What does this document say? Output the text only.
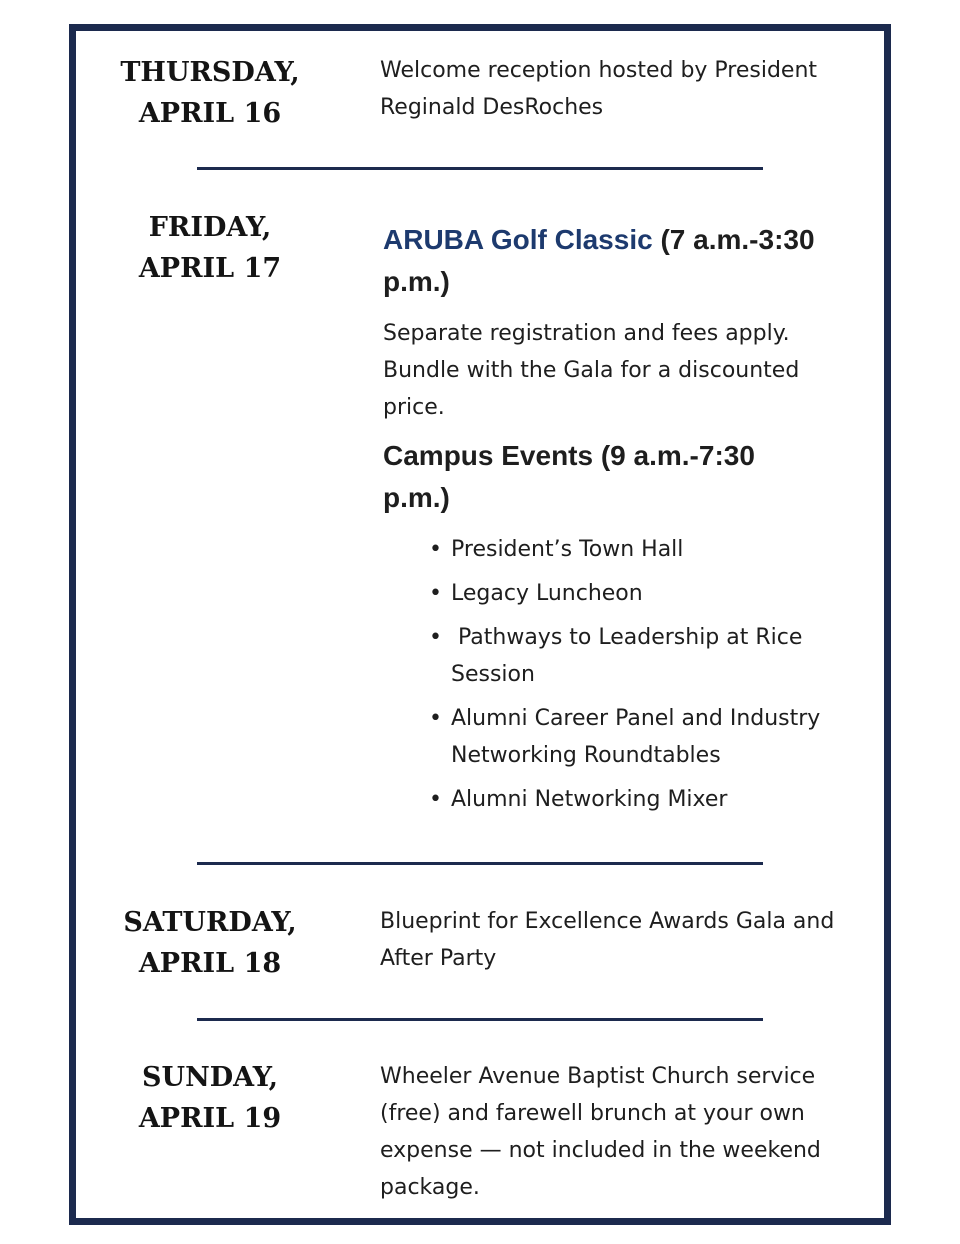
THURSDAY,
APRIL 16
Welcome reception hosted by President Reginald DesRoches
FRIDAY,
APRIL 17
ARUBA Golf Classic (7 a.m.-3:30 p.m.)
Separate registration and fees apply. Bundle with the Gala for a discounted price.
Campus Events (9 a.m.-7:30 p.m.)
• President’s Town Hall
• Legacy Luncheon
• Pathways to Leadership at Rice Session
• Alumni Career Panel and Industry Networking Roundtables
• Alumni Networking Mixer
SATURDAY,
APRIL 18
Blueprint for Excellence Awards Gala and After Party
SUNDAY,
APRIL 19
Wheeler Avenue Baptist Church service (free) and farewell brunch at your own expense — not included in the weekend package.
